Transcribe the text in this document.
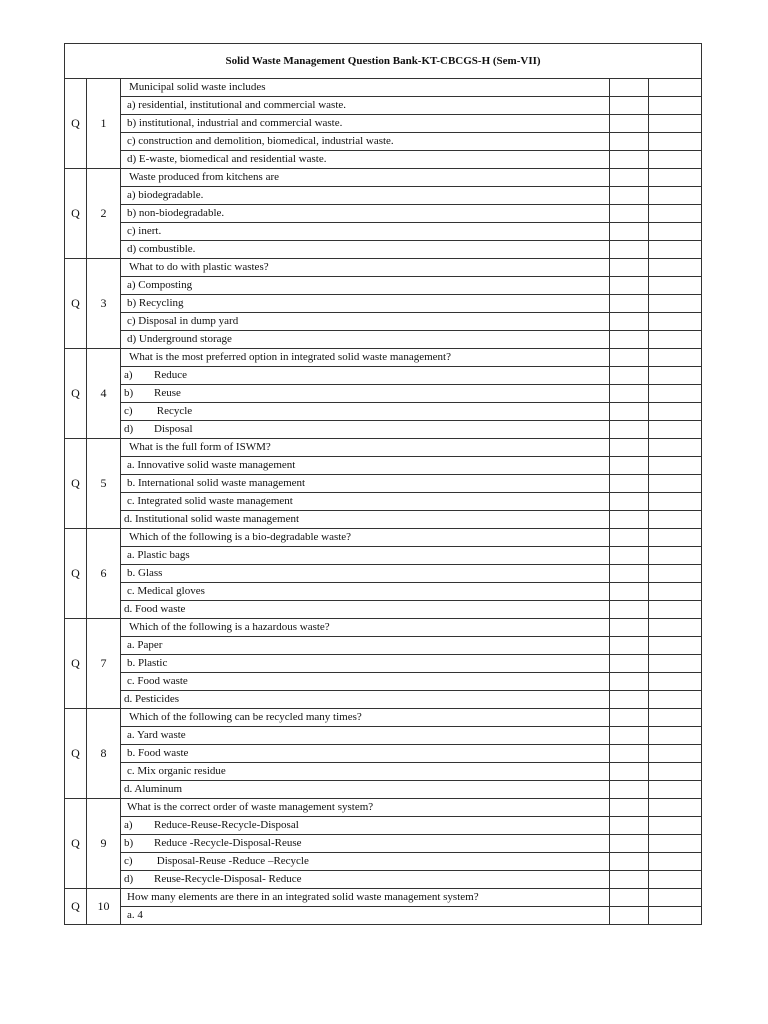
Solid Waste Management Question Bank-KT-CBCGS-H (Sem-VII)				
Q	1	Municipal solid waste includes		
		a) residential, institutional and commercial waste.		
		b) institutional, industrial and commercial waste.		
		c) construction and demolition, biomedical, industrial waste.		
		d) E-waste, biomedical and residential waste.		
Q	2	Waste produced from kitchens are		
		a) biodegradable.		
		b) non-biodegradable.		
		c) inert.		
		d) combustible.		
Q	3	What to do with plastic wastes?		
		a) Composting		
		b) Recycling		
		c) Disposal in dump yard		
		d) Underground storage		
Q	4	What is the most preferred option in integrated solid waste management?		
		a) Reduce		
		b) Reuse		
		c) Recycle		
		d) Disposal		
Q	5	What is the full form of ISWM?		
		a. Innovative solid waste management		
		b. International solid waste management		
		c. Integrated solid waste management		
		d. Institutional solid waste management		
Q	6	Which of the following is a bio-degradable waste?		
		a. Plastic bags		
		b. Glass		
		c. Medical gloves		
		d. Food waste		
Q	7	Which of the following is a hazardous waste?		
		a. Paper		
		b. Plastic		
		c. Food waste		
		d. Pesticides		
Q	8	Which of the following can be recycled many times?		
		a. Yard waste		
		b. Food waste		
		c. Mix organic residue		
		d. Aluminum		
Q	9	What is the correct order of waste management system?		
		a) Reduce-Reuse-Recycle-Disposal		
		b) Reduce -Recycle-Disposal-Reuse		
		c) Disposal-Reuse -Reduce –Recycle		
		d) Reuse-Recycle-Disposal- Reduce		
Q	10	How many elements are there in an integrated solid waste management system?		
		a. 4		
